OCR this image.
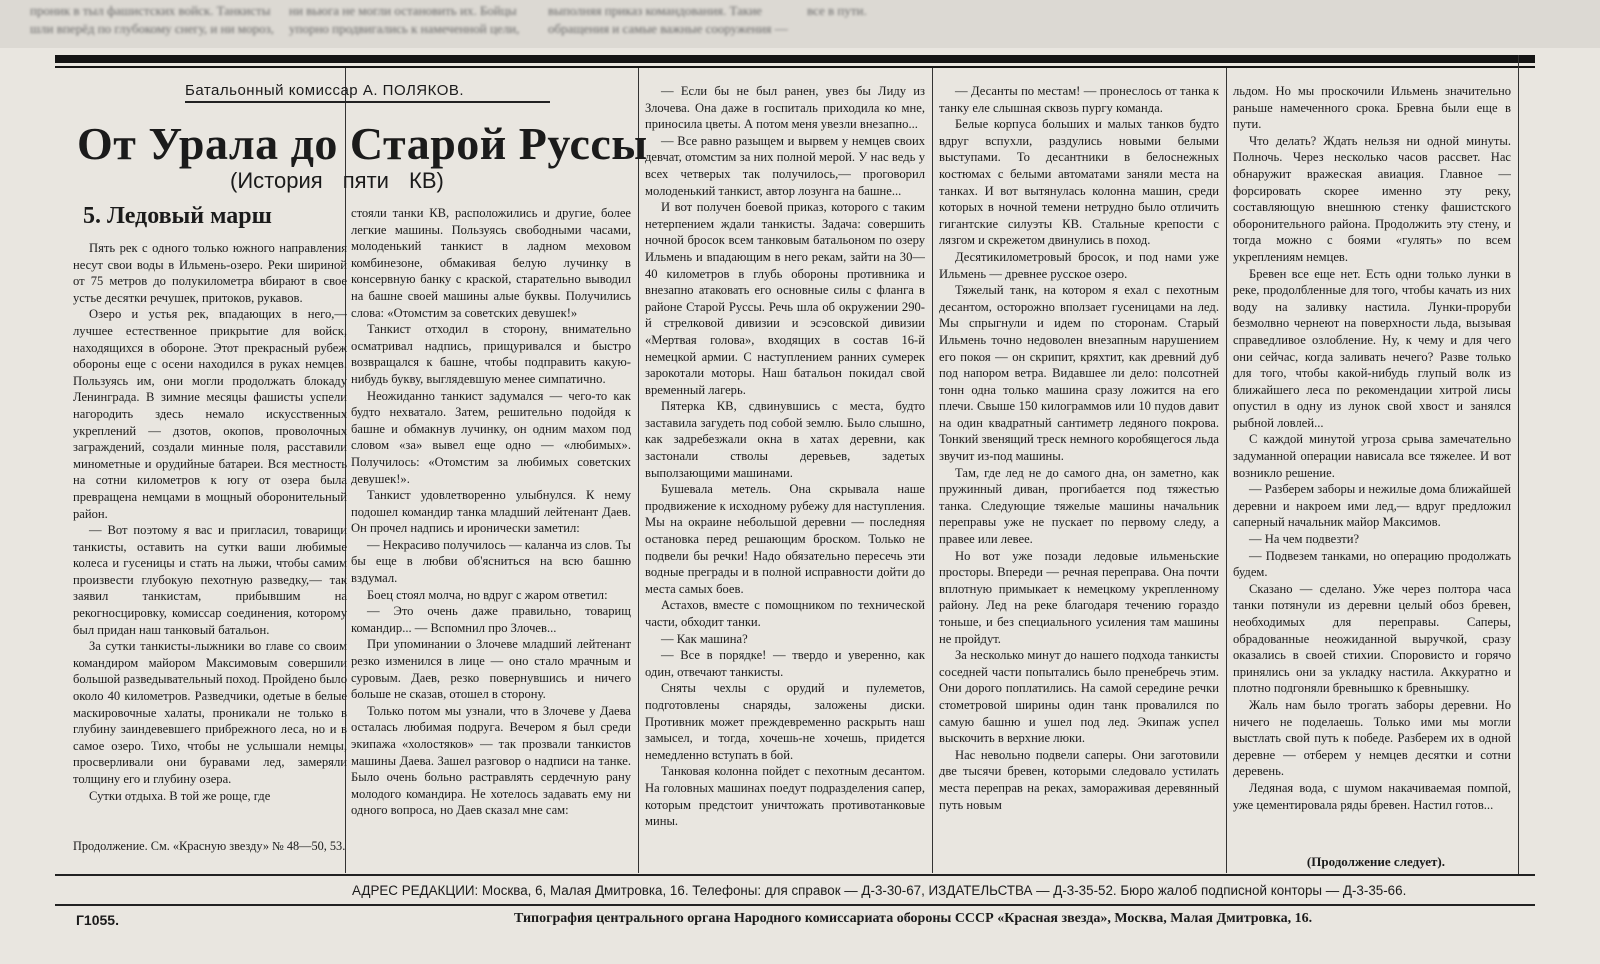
проник в тыл фашистских войск. Танкисты шли вперёд по глубокому снегу, и ни мороз, ни вьюга не могли остановить их. Бойцы упорно продвигались к намеченной цели, выполняя приказ командования. Такие обращения и самые важные сооружения — все в пути.
Батальонный комиссар А. ПОЛЯКОВ.
От Урала до Старой Руссы
(История пяти КВ)
5. Ледовый марш

Пять рек с одного только южного направления несут свои воды в Ильмень-озеро. Реки шириной от 75 метров до полукилометра вбирают в свое устье десятки речушек, притоков, рукавов.

Озеро и устья рек, впадающих в него,— лучшее естественное прикрытие для войск, находящихся в обороне. Этот прекрасный рубеж обороны еще с осени находился в руках немцев. Пользуясь им, они могли продолжать блокаду Ленинграда. В зимние месяцы фашисты успели нагородить здесь немало искусственных укреплений — дзотов, окопов, проволочных заграждений, создали минные поля, расставили минометные и орудийные батареи. Вся местность на сотни километров к югу от озера была превращена немцами в мощный оборонительный район.

— Вот поэтому я вас и пригласил, товарищи танкисты, оставить на сутки ваши любимые колеса и гусеницы и стать на лыжи, чтобы самим произвести глубокую пехотную разведку,— так заявил танкистам, прибывшим на рекогносцировку, комиссар соединения, которому был придан наш танковый батальон.

За сутки танкисты-лыжники во главе со своим командиром майором Максимовым совершили большой разведывательный поход. Пройдено было около 40 километров. Разведчики, одетые в белые маскировочные халаты, проникали не только в глубину заиндевевшего прибрежного леса, но и в самое озеро. Тихо, чтобы не услышали немцы, просверливали они буравами лед, замеряли толщину его и глубину озера.

Сутки отдыха. В той же роще, где

Продолжение. См. «Красную звезду» № 48—50, 53.

стояли танки КВ, расположились и другие, более легкие машины. Пользуясь свободными часами, молоденький танкист в ладном меховом комбинезоне, обмакивая белую лучинку в консервную банку с краской, старательно выводил на башне своей машины алые буквы. Получились слова: «Отомстим за советских девушек!»

Танкист отходил в сторону, внимательно осматривал надпись, прищуривался и быстро возвращался к башне, чтобы подправить какую-нибудь букву, выглядевшую менее симпатично.

Неожиданно танкист задумался — чего-то как будто нехватало. Затем, решительно подойдя к башне и обмакнув лучинку, он одним махом под словом «за» вывел еще одно — «любимых». Получилось: «Отомстим за любимых советских девушек!».

Танкист удовлетворенно улыбнулся. К нему подошел командир танка младший лейтенант Даев. Он прочел надпись и иронически заметил:

— Некрасиво получилось — каланча из слов. Ты бы еще в любви об'ясниться на всю башню вздумал.

Боец стоял молча, но вдруг с жаром ответил:

— Это очень даже правильно, товарищ командир... — Вспомнил про Злочев...

При упоминании о Злочеве младший лейтенант резко изменился в лице — оно стало мрачным и суровым. Даев, резко повернувшись и ничего больше не сказав, отошел в сторону.

Только потом мы узнали, что в Злочеве у Даева осталась любимая подруга. Вечером я был среди экипажа «холостяков» — так прозвали танкистов машины Даева. Зашел разговор о надписи на танке. Было очень больно растравлять сердечную рану молодого командира. Не хотелось задавать ему ни одного вопроса, но Даев сказал мне сам:

— Если бы не был ранен, увез бы Лиду из Злочева. Она даже в госпиталь приходила ко мне, приносила цветы. А потом меня увезли внезапно...

— Все равно разыщем и вырвем у немцев своих девчат, отомстим за них полной мерой. У нас ведь у всех четверых так получилось,— проговорил молоденький танкист, автор лозунга на башне...

И вот получен боевой приказ, которого с таким нетерпением ждали танкисты. Задача: совершить ночной бросок всем танковым батальоном по озеру Ильмень и впадающим в него рекам, зайти на 30—40 километров в глубь обороны противника и внезапно атаковать его основные силы с фланга в районе Старой Руссы. Речь шла об окружении 290-й стрелковой дивизии и эсэсовской дивизии «Мертвая голова», входящих в состав 16-й немецкой армии. С наступлением ранних сумерек зарокотали моторы. Наш батальон покидал свой временный лагерь.

Пятерка КВ, сдвинувшись с места, будто заставила загудеть под собой землю. Было слышно, как задребезжали окна в хатах деревни, как застонали стволы деревьев, задетых выползающими машинами.

Бушевала метель. Она скрывала наше продвижение к исходному рубежу для наступления. Мы на окраине небольшой деревни — последняя остановка перед решающим броском. Только не подвели бы речки! Надо обязательно пересечь эти водные преграды и в полной исправности дойти до места самых боев.

Астахов, вместе с помощником по технической части, обходит танки.

— Как машина?

— Все в порядке! — твердо и уверенно, как один, отвечают танкисты.

Сняты чехлы с орудий и пулеметов, подготовлены снаряды, заложены диски. Противник может преждевременно раскрыть наш замысел, и тогда, хочешь-не хочешь, придется немедленно вступать в бой.

Танковая колонна пойдет с пехотным десантом. На головных машинах поедут подразделения сапер, которым предстоит уничтожать противотанковые мины.

— Десанты по местам! — пронеслось от танка к танку еле слышная сквозь пургу команда.

Белые корпуса больших и малых танков будто вдруг вспухли, раздулись новыми белыми выступами. То десантники в белоснежных костюмах с белыми автоматами заняли места на танках. И вот вытянулась колонна машин, среди которых в ночной темени нетрудно было отличить гигантские силуэты КВ. Стальные крепости с лязгом и скрежетом двинулись в поход.

Десятикилометровый бросок, и под нами уже Ильмень — древнее русское озеро.

Тяжелый танк, на котором я ехал с пехотным десантом, осторожно вползает гусеницами на лед. Мы спрыгнули и идем по сторонам. Старый Ильмень точно недоволен внезапным нарушением его покоя — он скрипит, кряхтит, как древний дуб под напором ветра. Видавшее ли дело: полсотней тонн одна только машина сразу ложится на его плечи. Свыше 150 килограммов или 10 пудов давит на один квадратный сантиметр ледяного покрова. Тонкий звенящий треск немного коробящегося льда звучит из-под машины.

Там, где лед не до самого дна, он заметно, как пружинный диван, прогибается под тяжестью танка. Следующие тяжелые машины начальник переправы уже не пускает по первому следу, а правее или левее.

Но вот уже позади ледовые ильменьские просторы. Впереди — речная переправа. Она почти вплотную примыкает к немецкому укрепленному району. Лед на реке благодаря течению гораздо тоньше, и без специального усиления там машины не пройдут.

За несколько минут до нашего подхода танкисты соседней части попытались было пренебречь этим. Они дорого поплатились. На самой середине речки стометровой ширины один танк провалился по самую башню и ушел под лед. Экипаж успел выскочить в верхние люки.

Нас невольно подвели саперы. Они заготовили две тысячи бревен, которыми следовало устилать места переправ на реках, замораживая деревянный путь новым

льдом. Но мы проскочили Ильмень значительно раньше намеченного срока. Бревна были еще в пути.

Что делать? Ждать нельзя ни одной минуты. Полночь. Через несколько часов рассвет. Нас обнаружит вражеская авиация. Главное — форсировать скорее именно эту реку, составляющую внешнюю стенку фашистского оборонительного района. Продолжить эту стену, и тогда можно с боями «гулять» по всем укреплениям немцев.

Бревен все еще нет. Есть одни только лунки в реке, продолбленные для того, чтобы качать из них воду на заливку настила. Лунки-проруби безмолвно чернеют на поверхности льда, вызывая справедливое озлобление. Ну, к чему и для чего они сейчас, когда заливать нечего? Разве только для того, чтобы какой-нибудь глупый волк из ближайшего леса по рекомендации хитрой лисы опустил в одну из лунок свой хвост и занялся рыбной ловлей...

С каждой минутой угроза срыва замечательно задуманной операции нависала все тяжелее. И вот возникло решение.

— Разберем заборы и нежилые дома ближайшей деревни и накроем ими лед,— вдруг предложил саперный начальник майор Максимов.

— На чем подвезти?

— Подвезем танками, но операцию продолжать будем.

Сказано — сделано. Уже через полтора часа танки потянули из деревни целый обоз бревен, необходимых для переправы. Саперы, обрадованные неожиданной выручкой, сразу оказались в своей стихии. Споровисто и горячо принялись они за укладку настила. Аккуратно и плотно подгоняли бревнышко к бревнышку.

Жаль нам было трогать заборы деревни. Но ничего не поделаешь. Только ими мы могли выстлать свой путь к победе. Разберем их в одной деревне — отберем у немцев десятки и сотни деревень.

Ледяная вода, с шумом накачиваемая помпой, уже цементировала ряды бревен. Настил готов...

(Продолжение следует).
АДРЕС РЕДАКЦИИ: Москва, 6, Малая Дмитровка, 16. Телефоны: для справок — Д-3-30-67, ИЗДАТЕЛЬСТВА — Д-3-35-52. Бюро жалоб подписной конторы — Д-3-35-66.
Г1055.	Типография центрального органа Народного комиссариата обороны СССР «Красная звезда», Москва, Малая Дмитровка, 16.
